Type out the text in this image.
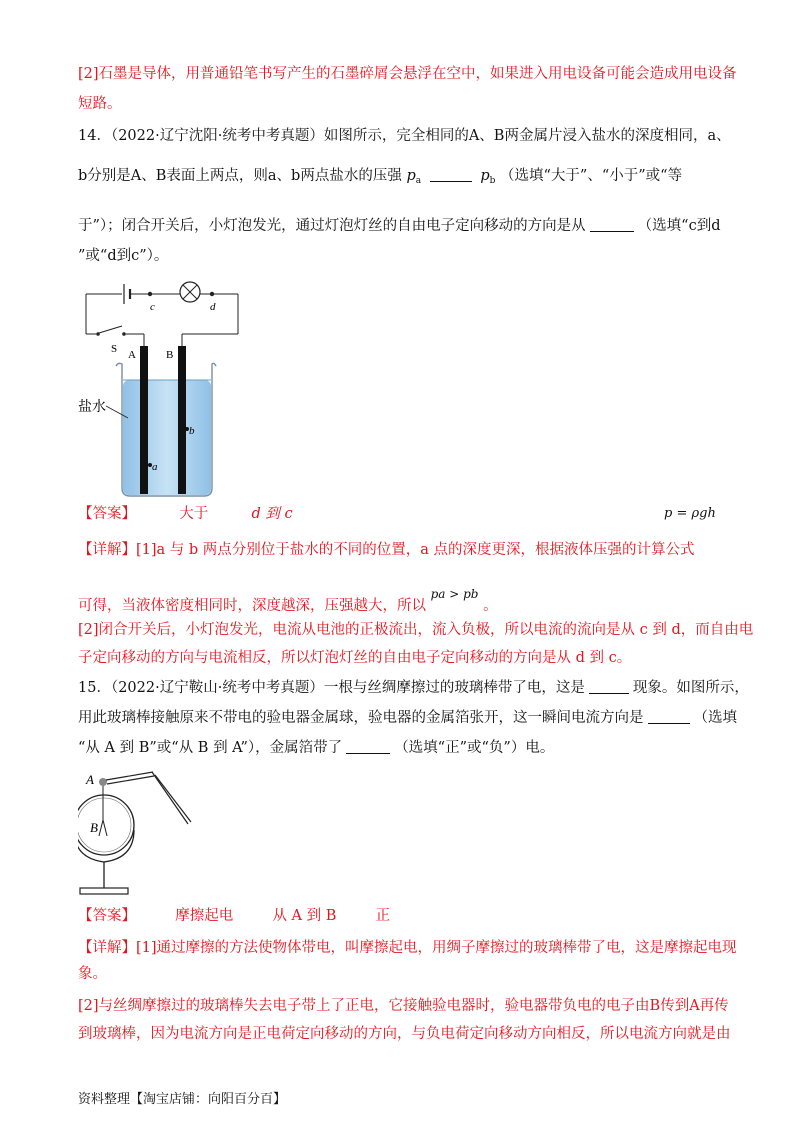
[2]石墨是导体，用普通铅笔书写产生的石墨碎屑会悬浮在空中，如果进入用电设备可能会造成用电设备
短路。
14．（2022·辽宁沈阳·统考中考真题）如图所示，完全相同的A、B两金属片浸入盐水的深度相同，a、
b分别是A、B表面上两点，则a、b两点盐水的压强 $p_a$	$p_b$ （选填“大于”、“小于”或“等
于”）；闭合开关后，小灯泡发光，通过灯泡灯丝的自由电子定向移动的方向是从	（选填“c到d
”或“d到c”）。
c	d
S A	B
a
b
盐水
【答案】	大于	d 到 c
【详解】[1]a 与 b 两点分别位于盐水的不同的位置，a 点的深度更深，根据液体压强的计算公式
p = ρgh
可得，当液体密度相同时，深度越深，压强越大，所以 $^{pa > pb}$ 。
[2]闭合开关后，小灯泡发光，电流从电池的正极流出，流入负极，所以电流的流向是从 c 到 d，而自由电
子定向移动的方向与电流相反，所以灯泡灯丝的自由电子定向移动的方向是从 d 到 c。
15．（2022·辽宁鞍山·统考中考真题）一根与丝绸摩擦过的玻璃棒带了电，这是	现象。如图所示，
用此玻璃棒接触原来不带电的验电器金属球，验电器的金属箔张开，这一瞬间电流方向是	（选填
“从 A 到 B”或“从 B 到 A”），金属箔带了	（选填“正”或“负”）电。
A
B
【答案】	摩擦起电	从 A 到 B	正
【详解】[1]通过摩擦的方法使物体带电，叫摩擦起电，用绸子摩擦过的玻璃棒带了电，这是摩擦起电现
象。
[2]与丝绸摩擦过的玻璃棒失去电子带上了正电，它接触验电器时，验电器带负电的电子由B传到A再传
到玻璃棒，因为电流方向是正电荷定向移动的方向，与负电荷定向移动方向相反，所以电流方向就是由
资料整理【淘宝店铺：向阳百分百】
